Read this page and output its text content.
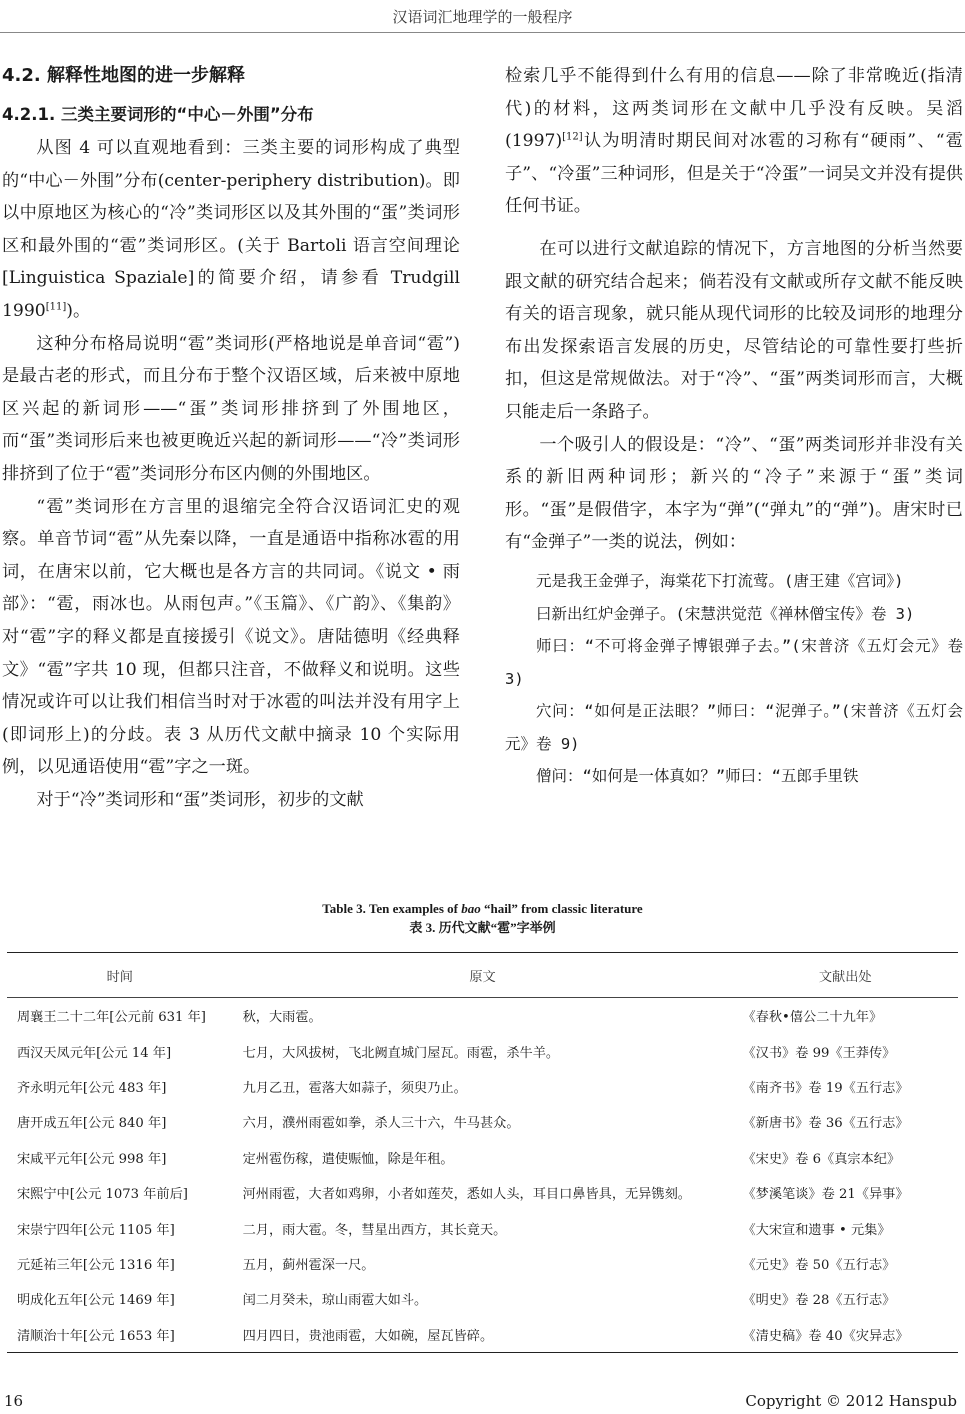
汉语词汇地理学的一般程序
4.2. 解释性地图的进一步解释
4.2.1. 三类主要词形的“中心－外围”分布

从图 4 可以直观地看到：三类主要的词形构成了典型的“中心－外围”分布(center-periphery distribution)。即以中原地区为核心的“冷”类词形区以及其外围的“蛋”类词形区和最外围的“雹”类词形区。(关于 Bartoli 语言空间理论[Linguistica Spaziale]的简要介绍，请参看 Trudgill 1990[11])。

这种分布格局说明“雹”类词形(严格地说是单音词“雹”)是最古老的形式，而且分布于整个汉语区域，后来被中原地区兴起的新词形——“蛋”类词形排挤到了外围地区，而“蛋”类词形后来也被更晚近兴起的新词形——“冷”类词形排挤到了位于“雹”类词形分布区内侧的外围地区。

“雹”类词形在方言里的退缩完全符合汉语词汇史的观察。单音节词“雹”从先秦以降，一直是通语中指称冰雹的用词，在唐宋以前，它大概也是各方言的共同词。《说文 • 雨部》：“雹，雨冰也。从雨包声。”《玉篇》、《广韵》、《集韵》对“雹”字的释义都是直接援引《说文》。唐陆德明《经典释文》“雹”字共 10 现，但都只注音，不做释义和说明。这些情况或许可以让我们相信当时对于冰雹的叫法并没有用字上(即词形上)的分歧。表 3 从历代文献中摘录 10 个实际用例，以见通语使用“雹”字之一斑。

对于“冷”类词形和“蛋”类词形，初步的文献

检索几乎不能得到什么有用的信息——除了非常晚近(指清代)的材料，这两类词形在文献中几乎没有反映。吴滔(1997)[12]认为明清时期民间对冰雹的习称有“硬雨”、“雹子”、“冷蛋”三种词形，但是关于“冷蛋”一词吴文并没有提供任何书证。

在可以进行文献追踪的情况下，方言地图的分析当然要跟文献的研究结合起来；倘若没有文献或所存文献不能反映有关的语言现象，就只能从现代词形的比较及词形的地理分布出发探索语言发展的历史，尽管结论的可靠性要打些折扣，但这是常规做法。对于“冷”、“蛋”两类词形而言，大概只能走后一条路子。

一个吸引人的假设是：“冷”、“蛋”两类词形并非没有关系的新旧两种词形；新兴的“冷子”来源于“蛋”类词形。“蛋”是假借字，本字为“弹”(“弹丸”的“弹”)。唐宋时已有“金弹子”一类的说法，例如：

元是我王金弹子，海棠花下打流莺。(唐王建《宫词》)

曰新出红炉金弹子。(宋慧洪觉范《禅林僧宝传》卷 3)

师曰：“不可将金弹子博银弹子去。”(宋普济《五灯会元》卷 3)

穴问：“如何是正法眼？”师曰：“泥弹子。”(宋普济《五灯会元》卷 9)

僧问：“如何是一体真如？”师曰：“五郎手里铁

Table 3. Ten examples of bao “hail” from classic literature
表 3. 历代文献“雹”字举例
时间	原文	文献出处
周襄王二十二年[公元前 631 年]	秋，大雨雹。	《春秋•僖公二十九年》
西汉天凤元年[公元 14 年]	七月，大风拔树，飞北阙直城门屋瓦。雨雹，杀牛羊。	《汉书》卷 99《王莽传》
齐永明元年[公元 483 年]	九月乙丑，雹落大如蒜子，须臾乃止。	《南齐书》卷 19《五行志》
唐开成五年[公元 840 年]	六月，濮州雨雹如拳，杀人三十六，牛马甚众。	《新唐书》卷 36《五行志》
宋咸平元年[公元 998 年]	定州雹伤稼，遣使赈恤，除是年租。	《宋史》卷 6《真宗本纪》
宋熙宁中[公元 1073 年前后]	河州雨雹，大者如鸡卵，小者如莲芡，悉如人头，耳目口鼻皆具，无异镌刻。	《梦溪笔谈》卷 21《异事》
宋崇宁四年[公元 1105 年]	二月，雨大雹。冬，彗星出西方，其长竟天。	《大宋宣和遗事 • 元集》
元延祐三年[公元 1316 年]	五月，蓟州雹深一尺。	《元史》卷 50《五行志》
明成化五年[公元 1469 年]	闰二月癸未，琼山雨雹大如斗。	《明史》卷 28《五行志》
清顺治十年[公元 1653 年]	四月四日，贵池雨雹，大如碗，屋瓦皆碎。	《清史稿》卷 40《灾异志》
16	Copyright © 2012 Hanspub
